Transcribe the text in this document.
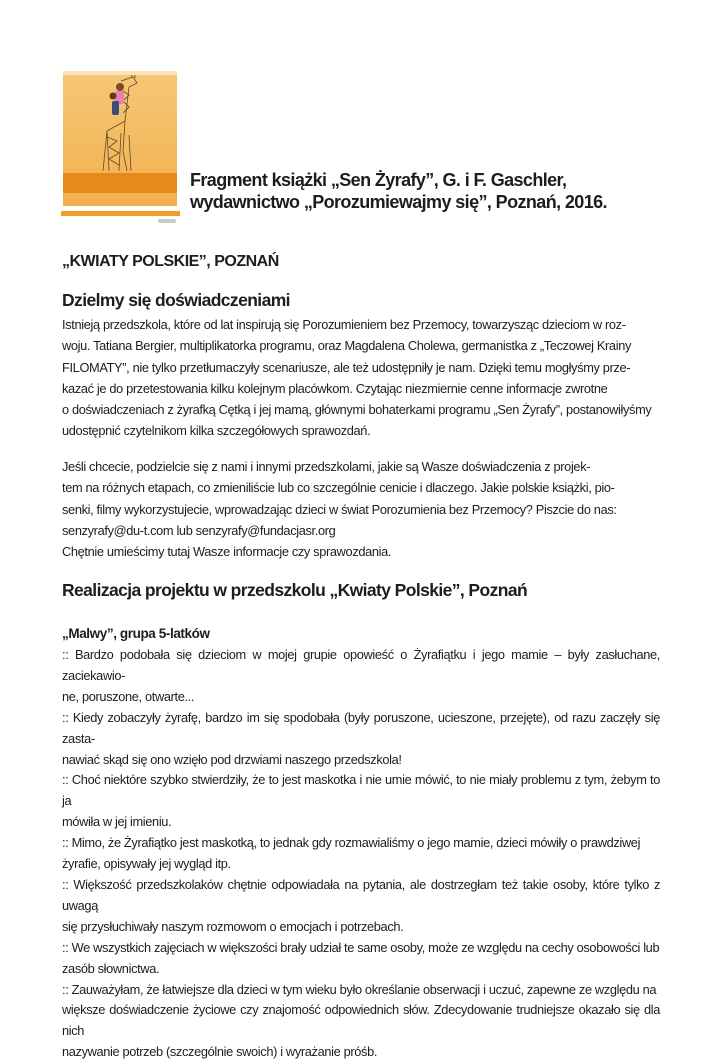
Fragment książki „Sen Żyrafy”, G. i F. Gaschler,
wydawnictwo „Porozumiewajmy się”, Poznań, 2016.
„KWIATY POLSKIE”, POZNAŃ
Dzielmy się doświadczeniami
Istnieją przedszkola, które od lat inspirują się Porozumieniem bez Przemocy, towarzysząc dzieciom w roz-
woju. Tatiana Bergier, multiplikatorka programu, oraz Magdalena Cholewa, germanistka z „Teczowej Krainy
FILOMATY”, nie tylko przetłumaczyły scenariusze, ale też udostępniły je nam. Dzięki temu mogłyśmy prze-
kazać je do przetestowania kilku kolejnym placówkom. Czytając niezmiernie cenne informacje zwrotne
o doświadczeniach z żyrafką Cętką i jej mamą, głównymi bohaterkami programu „Sen Żyrafy”, postanowiłyśmy
udostępnić czytelnikom kilka szczegółowych sprawozdań.
Jeśli chcecie, podzielcie się z nami i innymi przedszkolami, jakie są Wasze doświadczenia z projek-
tem na różnych etapach, co zmieniliście lub co szczególnie cenicie i dlaczego. Jakie polskie książki, pio-
senki, filmy wykorzystujecie, wprowadzając dzieci w świat Porozumienia bez Przemocy? Piszcie do nas:
senzyrafy@du-t.com lub senzyrafy@fundacjasr.org
Chętnie umieścimy tutaj Wasze informacje czy sprawozdania.
Realizacja projektu w przedszkolu „Kwiaty Polskie”, Poznań
„Malwy”, grupa 5-latków
:: Bardzo podobała się dzieciom w mojej grupie opowieść o Żyrafiątku i jego mamie – były zasłuchane, zaciekawio-
ne, poruszone, otwarte...
:: Kiedy zobaczyły żyrafę, bardzo im się spodobała (były poruszone, ucieszone, przejęte), od razu zaczęły się zasta-
nawiać skąd się ono wzięło pod drzwiami naszego przedszkola!
:: Choć niektóre szybko stwierdziły, że to jest maskotka i nie umie mówić, to nie miały problemu z tym, żebym to ja
mówiła w jej imieniu.
:: Mimo, że Żyrafiątko jest maskotką, to jednak gdy rozmawialiśmy o jego mamie, dzieci mówiły o prawdziwej
żyrafie, opisywały jej wygląd itp.
:: Większość przedszkolaków chętnie odpowiadała na pytania, ale dostrzegłam też takie osoby, które tylko z uwagą
się przysłuchiwały naszym rozmowom o emocjach i potrzebach.
:: We wszystkich zajęciach w większości brały udział te same osoby, może ze względu na cechy osobowości lub
zasób słownictwa.
:: Zauważyłam, że łatwiejsze dla dzieci w tym wieku było określanie obserwacji i uczuć, zapewne ze względu na
większe doświadczenie życiowe czy znajomość odpowiednich słów. Zdecydowanie trudniejsze okazało się dla nich
nazywanie potrzeb (szczególnie swoich) i wyrażanie próśb.
